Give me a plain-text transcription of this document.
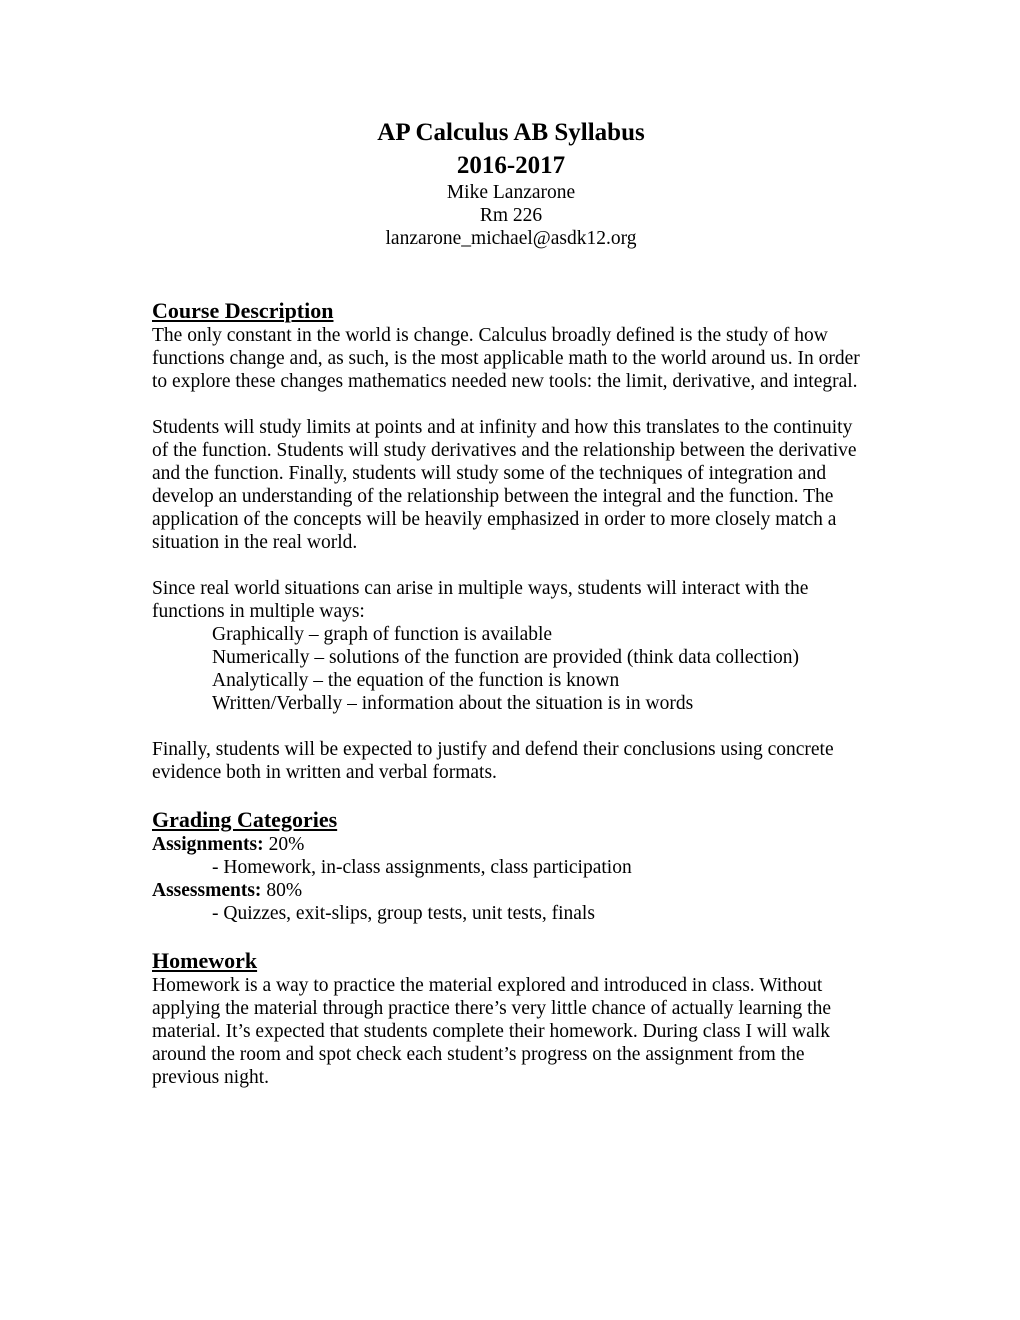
AP Calculus AB Syllabus
2016-2017
Mike Lanzarone
Rm 226
lanzarone_michael@asdk12.org
Course Description

The only constant in the world is change. Calculus broadly defined is the study of how functions change and, as such, is the most applicable math to the world around us. In order to explore these changes mathematics needed new tools: the limit, derivative, and integral.

Students will study limits at points and at infinity and how this translates to the continuity of the function. Students will study derivatives and the relationship between the derivative and the function. Finally, students will study some of the techniques of integration and develop an understanding of the relationship between the integral and the function. The application of the concepts will be heavily emphasized in order to more closely match a situation in the real world.

Since real world situations can arise in multiple ways, students will interact with the functions in multiple ways:

Graphically – graph of function is available
Numerically – solutions of the function are provided (think data collection)
Analytically – the equation of the function is known
Written/Verbally – information about the situation is in words

Finally, students will be expected to justify and defend their conclusions using concrete evidence both in written and verbal formats.

Grading Categories
Assignments: 20%
- Homework, in-class assignments, class participation
Assessments: 80%
- Quizzes, exit-slips, group tests, unit tests, finals
Homework

Homework is a way to practice the material explored and introduced in class. Without applying the material through practice there’s very little chance of actually learning the material. It’s expected that students complete their homework. During class I will walk around the room and spot check each student’s progress on the assignment from the previous night.
